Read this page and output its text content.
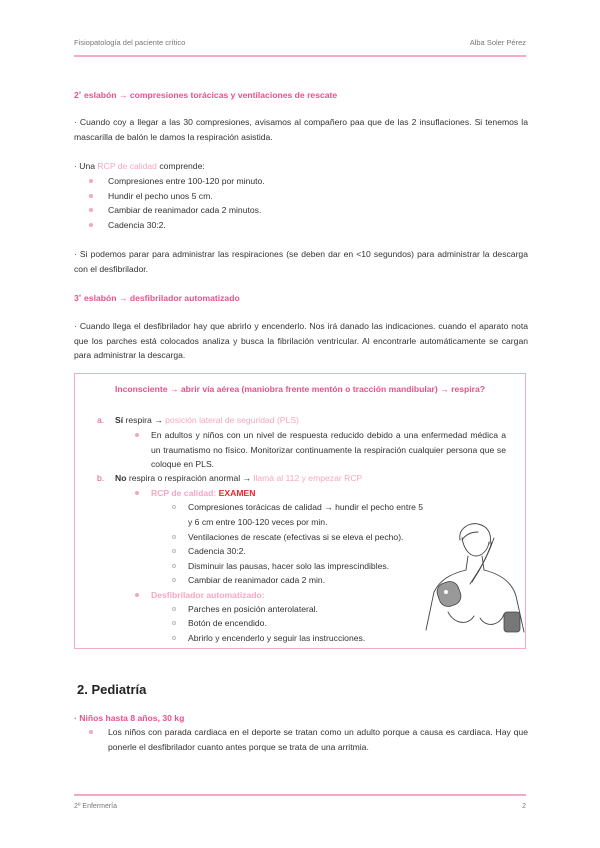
Fisiopatología del paciente crítico	Alba Soler Pérez
2˚ eslabón → compresiones torácicas y ventilaciones de rescate
· Cuando coy a llegar a las 30 compresiones, avisamos al compañero paa que de las 2 insuflaciones. Si tenemos la mascarilla de balón le damos la respiración asistida.
· Una RCP de calidad comprende:
Compresiones entre 100-120 por minuto.
Hundir el pecho unos 5 cm.
Cambiar de reanimador cada 2 minutos.
Cadencia 30:2.
· Si podemos parar para administrar las respiraciones (se deben dar en <10 segundos) para administrar la descarga con el desfibrilador.
3˚ eslabón → desfibrilador automatizado
· Cuando llega el desfibrilador hay que abrirlo y encenderlo. Nos irá danado las indicaciones. cuando el aparato nota que los parches está colocados analiza y busca la fibrilación ventricular. Al encontrarle automáticamente se cargan para administrar la descarga.
Inconsciente → abrir vía aérea (maniobra frente mentón o tracción mandibular) → respira?
a. Sí respira → posición lateral de seguridad (PLS)
En adultos y niños con un nivel de respuesta reducido debido a una enfermedad médica a un traumatismo no físico. Monitorizar continuamente la respiración cualquier persona que se coloque en PLS.
b. No respira o respiración anormal → llamá al 112 y empezar RCP
RCP de calidad: EXAMEN
Compresiones torácicas de calidad → hundir el pecho entre 5 y 6 cm entre 100-120 veces por min.
Ventilaciones de rescate (efectivas si se eleva el pecho).
Cadencia 30:2.
Disminuir las pausas, hacer solo las imprescindibles.
Cambiar de reanimador cada 2 min.
Desfibrilador automatizado:
Parches en posición anterolateral.
Botón de encendido.
Abrirlo y encenderlo y seguir las instrucciones.
2. Pediatría
· Niños hasta 8 años, 30 kg
Los niños con parada cardiaca en el deporte se tratan como un adulto porque a causa es cardiaca. Hay que ponerle el desfibrilador cuanto antes porque se trata de una arritmia.
2º Enfermería	2
